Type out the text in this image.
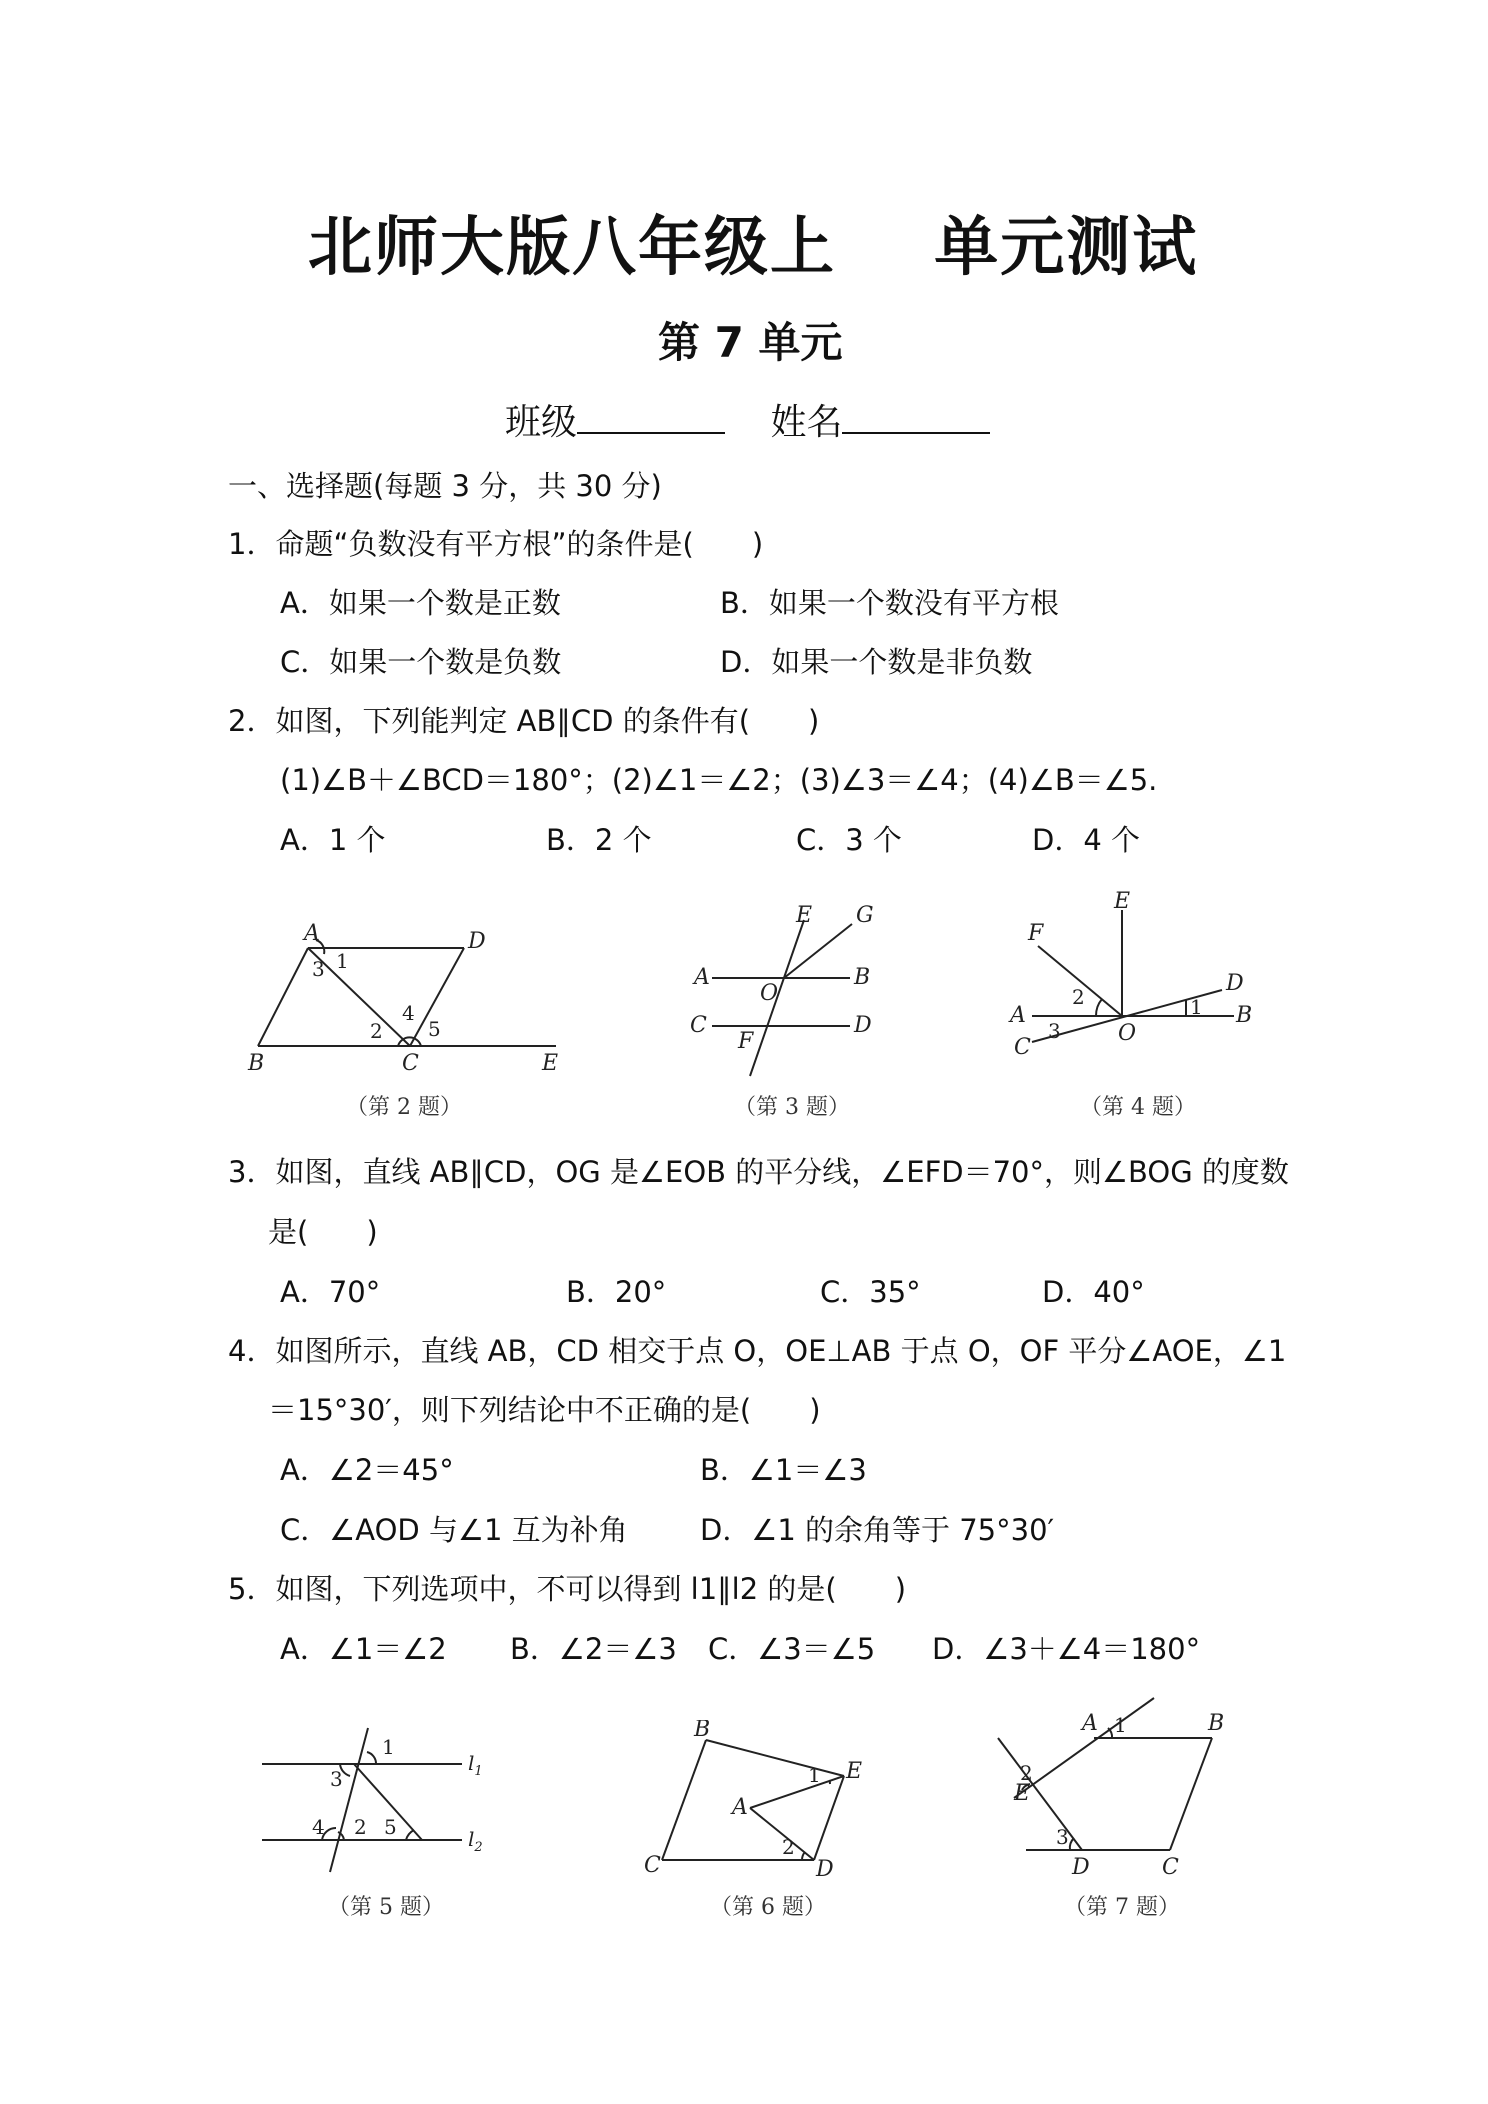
北师大版八年级上 单元测试
第 7 单元
班级	姓名
一、选择题(每题 3 分，共 30 分)
1．命题“负数没有平方根”的条件是(　　)
A．如果一个数是正数	B．如果一个数没有平方根
C．如果一个数是负数	D．如果一个数是非负数
2．如图，下列能判定 AB∥CD 的条件有(　　)
(1)∠B＋∠BCD＝180°；(2)∠1＝∠2；(3)∠3＝∠4；(4)∠B＝∠5.
A．1 个	B．2 个	C．3 个	D．4 个
A	D
B	C	E
1
3
4
2 5
（第 2 题）
E G
A
O
B
C
F
D
（第 3 题）
E
F
D
A	B
C
O
2	1
3
（第 4 题）
3．如图，直线 AB∥CD，OG 是∠EOB 的平分线，∠EFD＝70°，则∠BOG 的度数
是(　　)
A．70°	B．20°	C．35°	D．40°
4．如图所示，直线 AB，CD 相交于点 O，OE⊥AB 于点 O，OF 平分∠AOE，∠1
＝15°30′，则下列结论中不正确的是(　　)
A．∠2＝45°	B．∠1＝∠3
C．∠AOD 与∠1 互为补角 D．∠1 的余角等于 75°30′
5．如图，下列选项中，不可以得到 l1∥l2 的是(　　)
A．∠1＝∠2 B．∠2＝∠3 C．∠3＝∠5 D．∠3＋∠4＝180°
1
3
4 2 5
$l_1$
$l_2$
（第 5 题）
B
E
A
C	D
1
2
（第 6 题）
A	B
E
D	C
1
2
3
（第 7 题）
